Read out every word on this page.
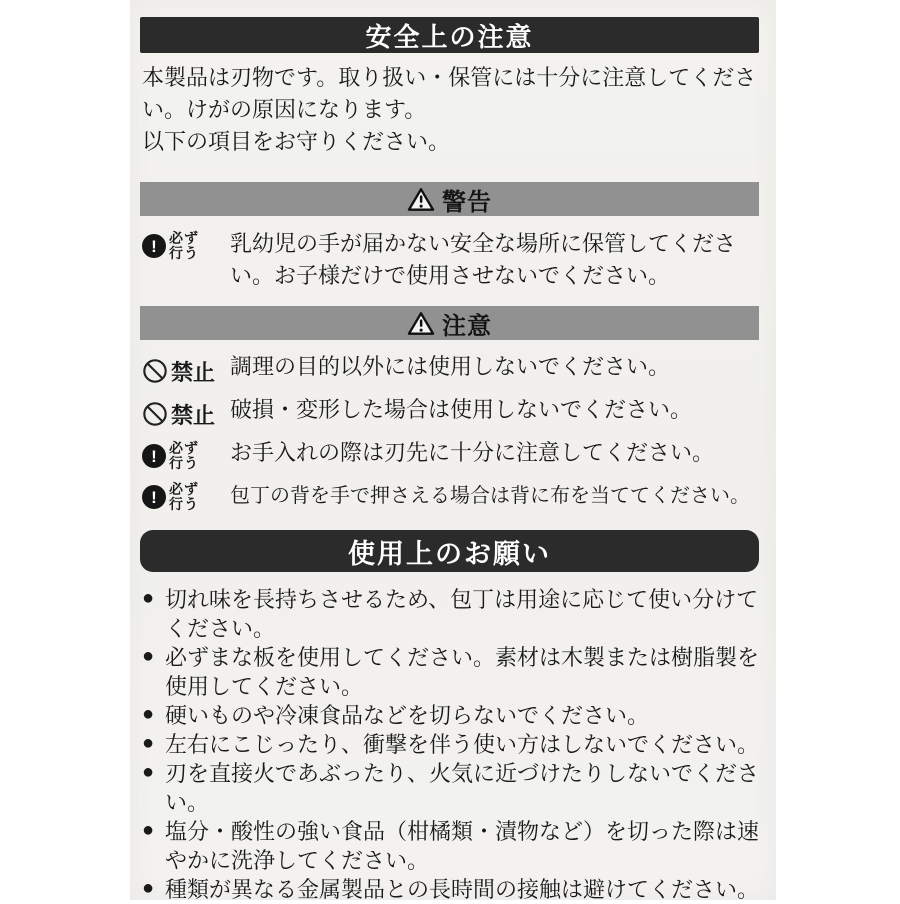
安全上の注意

本製品は刃物です。取り扱い・保管には十分に注意してください。けがの原因になります。

以下の項目をお守りください。

警告
! 必ず
行う 乳幼児の手が届かない安全な場所に保管してください。お子様だけで使用させないでください。
注意
禁止 調理の目的以外には使用しないでください。
禁止 破損・変形した場合は使用しないでください。
! 必ず
行う お手入れの際は刃先に十分に注意してください。
! 必ず
行う 包丁の背を手で押さえる場合は背に布を当ててください。
使用上のお願い
● 切れ味を長持ちさせるため、包丁は用途に応じて使い分けてください。
● 必ずまな板を使用してください。素材は木製または樹脂製を使用してください。
● 硬いものや冷凍食品などを切らないでください。
● 左右にこじったり、衝撃を伴う使い方はしないでください。
● 刃を直接火であぶったり、火気に近づけたりしないでください。
● 塩分・酸性の強い食品（柑橘類・漬物など）を切った際は速やかに洗浄してください。
● 種類が異なる金属製品との長時間の接触は避けてください。
